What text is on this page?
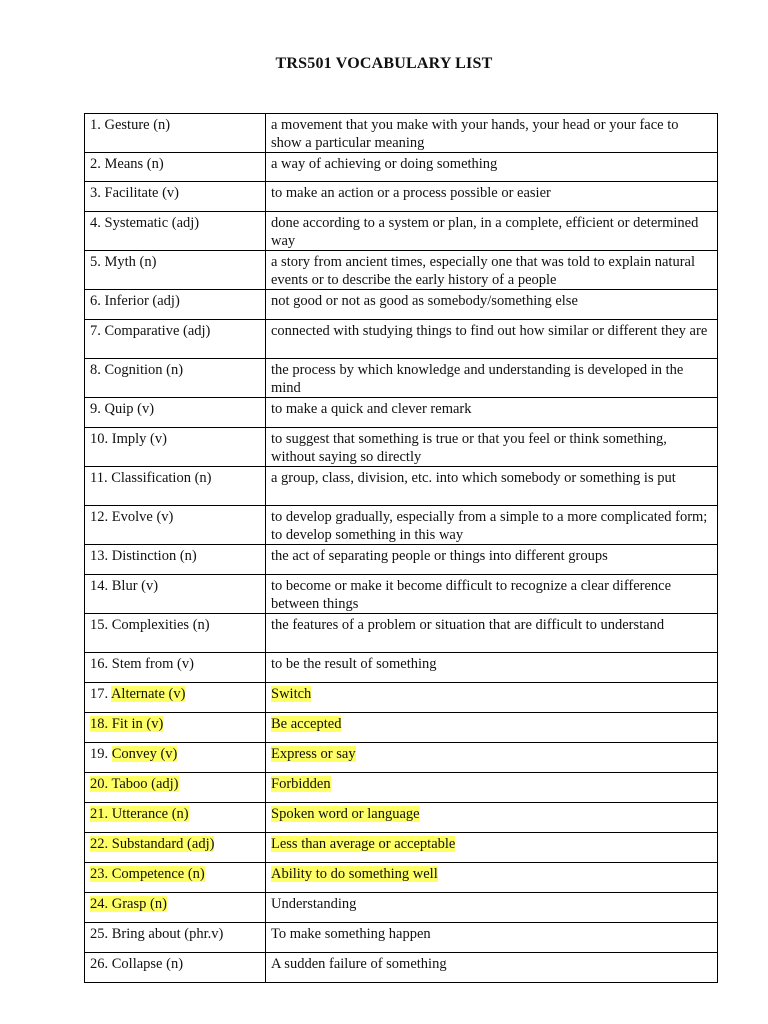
TRS501 VOCABULARY LIST
1. Gesture (n)	a movement that you make with your hands, your head or your face to show a particular meaning
2. Means (n)	a way of achieving or doing something
3. Facilitate (v)	to make an action or a process possible or easier
4. Systematic (adj)	done according to a system or plan, in a complete, efficient or determined way
5. Myth (n)	a story from ancient times, especially one that was told to explain natural events or to describe the early history of a people
6. Inferior (adj)	not good or not as good as somebody/something else
7. Comparative (adj)	connected with studying things to find out how similar or different they are
8. Cognition (n)	the process by which knowledge and understanding is developed in the mind
9. Quip (v)	to make a quick and clever remark
10. Imply (v)	to suggest that something is true or that you feel or think something, without saying so directly
11. Classification (n)	a group, class, division, etc. into which somebody or something is put
12. Evolve (v)	to develop gradually, especially from a simple to a more complicated form; to develop something in this way
13. Distinction (n)	the act of separating people or things into different groups
14. Blur (v)	to become or make it become difficult to recognize a clear difference between things
15. Complexities (n)	the features of a problem or situation that are difficult to understand
16. Stem from (v)	to be the result of something
17. Alternate (v)	Switch
18. Fit in (v)	Be accepted
19. Convey (v)	Express or say
20. Taboo (adj)	Forbidden
21. Utterance (n)	Spoken word or language
22. Substandard (adj)	Less than average or acceptable
23. Competence (n)	Ability to do something well
24. Grasp (n)	Understanding
25. Bring about (phr.v)	To make something happen
26. Collapse (n)	A sudden failure of something
